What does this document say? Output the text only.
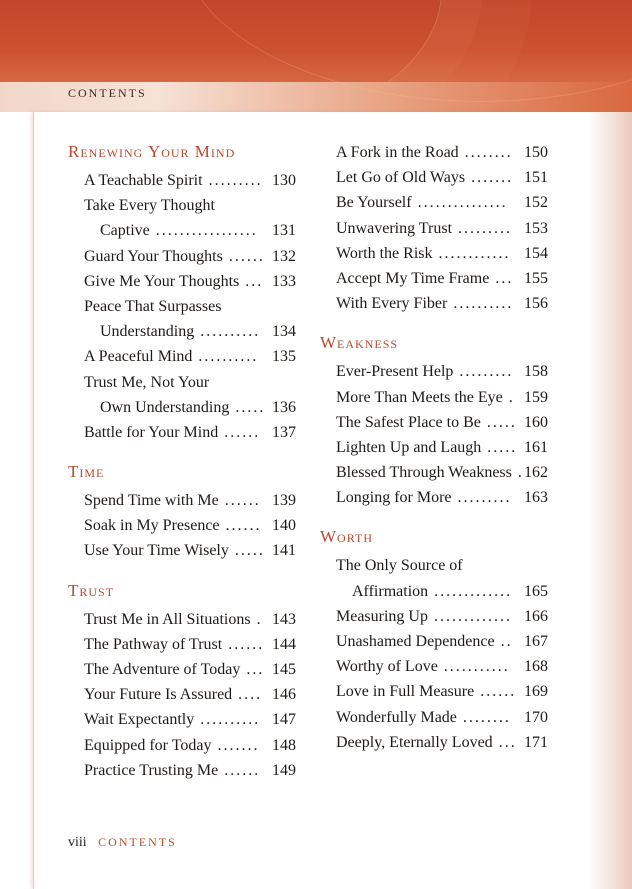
CONTENTS
Renewing Your Mind
A Teachable Spirit ......... 130
Take Every Thought
Captive ................. 131
Guard Your Thoughts ...... 132
Give Me Your Thoughts ... 133
Peace That Surpasses
Understanding .......... 134
A Peaceful Mind .......... 135
Trust Me, Not Your
Own Understanding ..... 136
Battle for Your Mind ...... 137
Time
Spend Time with Me ...... 139
Soak in My Presence ...... 140
Use Your Time Wisely ..... 141
Trust
Trust Me in All Situations . 143
The Pathway of Trust ...... 144
The Adventure of Today ... 145
Your Future Is Assured .... 146
Wait Expectantly .......... 147
Equipped for Today ....... 148
Practice Trusting Me ...... 149
A Fork in the Road ........ 150
Let Go of Old Ways ....... 151
Be Yourself ............... 152
Unwavering Trust ......... 153
Worth the Risk ............ 154
Accept My Time Frame ... 155
With Every Fiber .......... 156
Weakness
Ever-Present Help ......... 158
More Than Meets the Eye . 159
The Safest Place to Be ..... 160
Lighten Up and Laugh ..... 161
Blessed Through Weakness . 162
Longing for More ......... 163
Worth
The Only Source of
Affirmation ............. 165
Measuring Up ............. 166
Unashamed Dependence .. 167
Worthy of Love ........... 168
Love in Full Measure ...... 169
Wonderfully Made ........ 170
Deeply, Eternally Loved ... 171
viii CONTENTS
